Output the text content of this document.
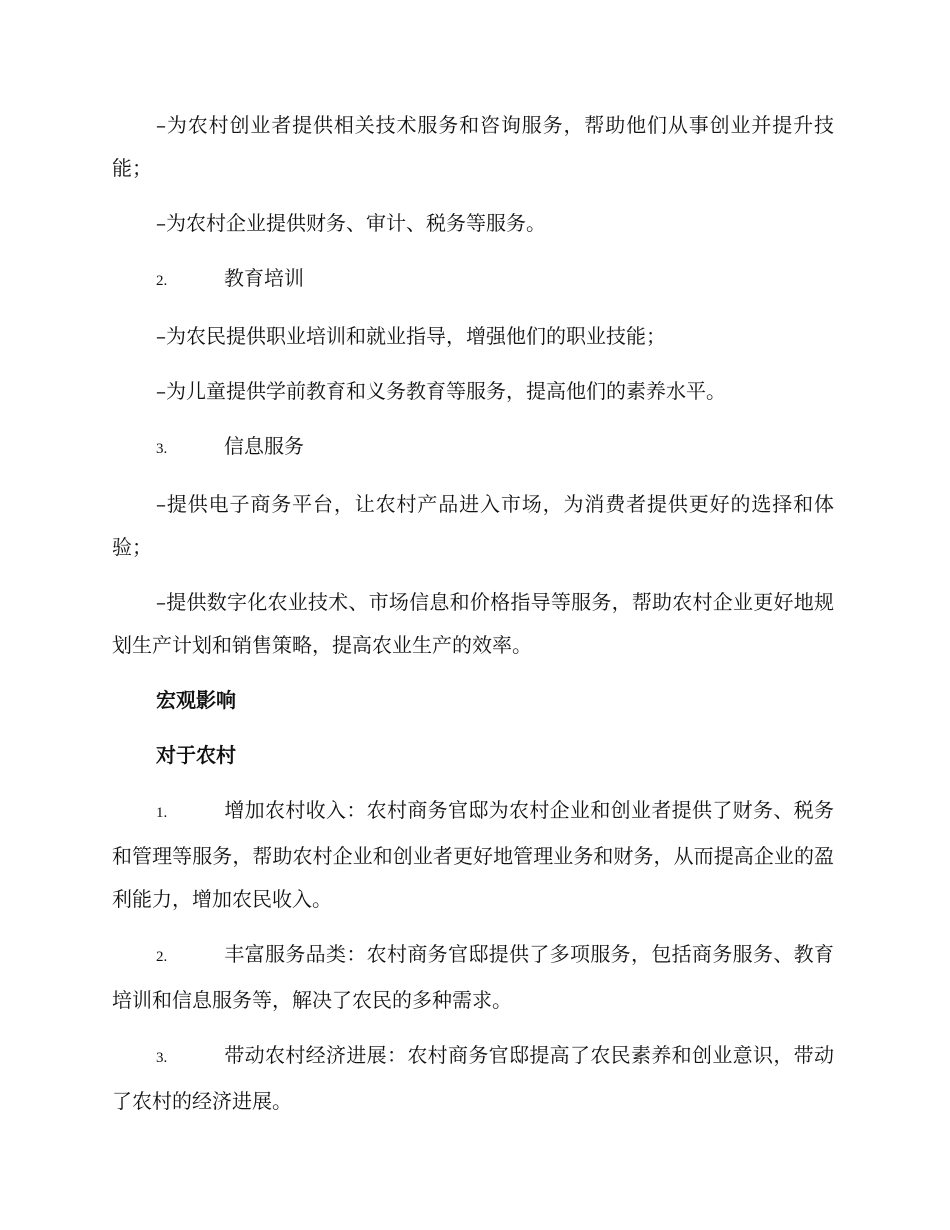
–为农村创业者提供相关技术服务和咨询服务，帮助他们从事创业并提升技能；

–为农村企业提供财务、审计、税务等服务。

2.	教育培训

–为农民提供职业培训和就业指导，增强他们的职业技能；

–为儿童提供学前教育和义务教育等服务，提高他们的素养水平。

3.	信息服务

–提供电子商务平台，让农村产品进入市场，为消费者提供更好的选择和体验；

–提供数字化农业技术、市场信息和价格指导等服务，帮助农村企业更好地规划生产计划和销售策略，提高农业生产的效率。

宏观影响

对于农村

1.	增加农村收入：农村商务官邸为农村企业和创业者提供了财务、税务和管理等服务，帮助农村企业和创业者更好地管理业务和财务，从而提高企业的盈利能力，增加农民收入。

2.	丰富服务品类：农村商务官邸提供了多项服务，包括商务服务、教育培训和信息服务等，解决了农民的多种需求。

3.	带动农村经济进展：农村商务官邸提高了农民素养和创业意识，带动了农村的经济进展。
